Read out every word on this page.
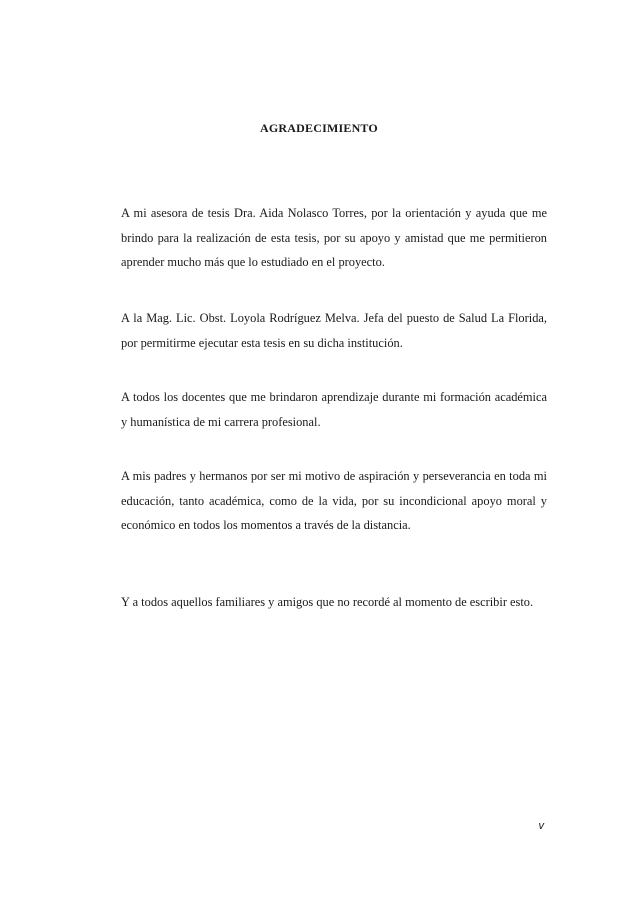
AGRADECIMIENTO

A mi asesora de tesis Dra. Aida Nolasco Torres, por la orientación y ayuda que me brindo para la realización de esta tesis, por su apoyo y amistad que me permitieron aprender mucho más que lo estudiado en el proyecto.

A la Mag. Lic. Obst. Loyola Rodríguez Melva. Jefa del puesto de Salud La Florida, por permitirme ejecutar esta tesis en su dicha institución.

A todos los docentes que me brindaron aprendizaje durante mi formación académica y humanística de mi carrera profesional.

A mis padres y hermanos por ser mi motivo de aspiración y perseverancia en toda mi educación, tanto académica, como de la vida, por su incondicional apoyo moral y económico en todos los momentos a través de la distancia.

Y a todos aquellos familiares y amigos que no recordé al momento de escribir esto.

v
